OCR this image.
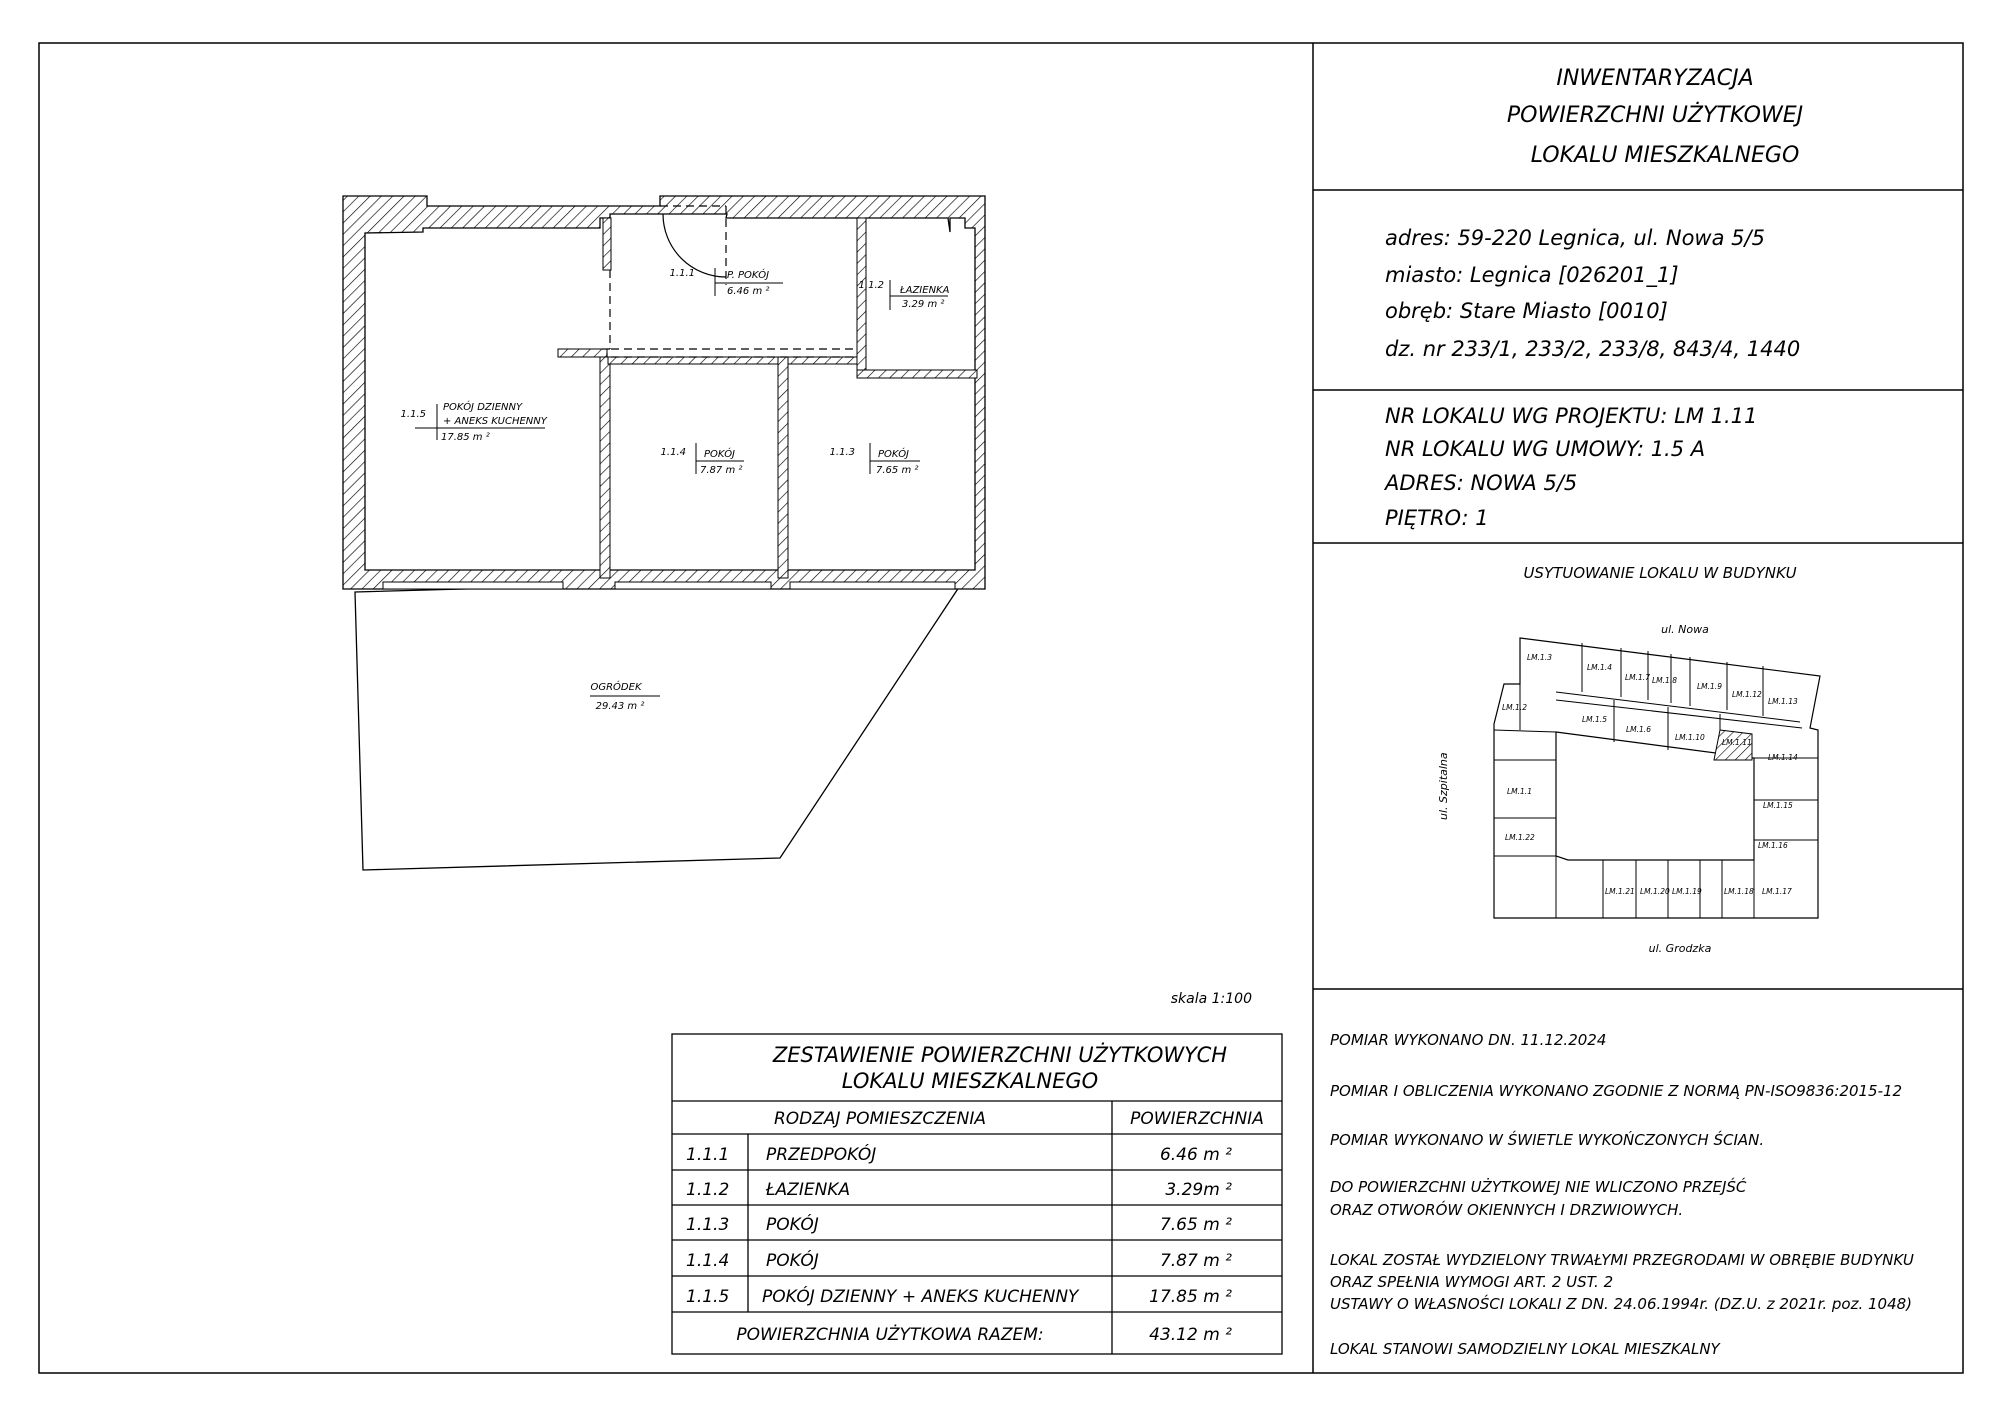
INWENTARYZACJA
POWIERZCHNI UŻYTKOWEJ
LOKALU MIESZKALNEGO
adres: 59-220 Legnica, ul. Nowa 5/5
miasto: Legnica [026201_1]
obręb: Stare Miasto [0010]
dz. nr 233/1, 233/2, 233/8, 843/4, 1440
NR LOKALU WG PROJEKTU: LM 1.11
NR LOKALU WG UMOWY: 1.5 A
ADRES: NOWA 5/5
PIĘTRO: 1
USYTUOWANIE LOKALU W BUDYNKU
ul. Nowa
ul. Grodzka
ul. Szpitalna
LM.1.3
LM.1.4
LM.1.7 LM.1.8
LM.1.9
LM.1.12
LM.1.13
LM.1.2
LM.1.5
LM.1.6
LM.1.10
LM.1.11
LM.1.14
LM.1.1
LM.1.15
LM.1.22
LM.1.16
LM.1.21 LM.1.20 LM.1.19	LM.1.18 LM.1.17
POMIAR WYKONANO DN. 11.12.2024
POMIAR I OBLICZENIA WYKONANO ZGODNIE Z NORMĄ PN-ISO9836:2015-12
POMIAR WYKONANO W ŚWIETLE WYKOŃCZONYCH ŚCIAN.
DO POWIERZCHNI UŻYTKOWEJ NIE WLICZONO PRZEJŚĆ
ORAZ OTWORÓW OKIENNYCH I DRZWIOWYCH.
LOKAL ZOSTAŁ WYDZIELONY TRWAŁYMI PRZEGRODAMI W OBRĘBIE BUDYNKU
ORAZ SPEŁNIA WYMOGI ART. 2 UST. 2
USTAWY O WŁASNOŚCI LOKALI Z DN. 24.06.1994r. (DZ.U. z 2021r. poz. 1048)
LOKAL STANOWI SAMODZIELNY LOKAL MIESZKALNY
skala 1:100
ZESTAWIENIE POWIERZCHNI UŻYTKOWYCH
LOKALU MIESZKALNEGO
RODZAJ POMIESZCZENIA	POWIERZCHNIA
1.1.1 PRZEDPOKÓJ	6.46 m ²
1.1.2 ŁAZIENKA	3.29m ²
1.1.3 POKÓJ	7.65 m ²
1.1.4 POKÓJ	7.87 m ²
1.1.5 POKÓJ DZIENNY + ANEKS KUCHENNY	17.85 m ²
POWIERZCHNIA UŻYTKOWA RAZEM:	43.12 m ²
1.1.1	P. POKÓJ
6.46 m ²
1.1.2 ŁAZIENKA
3.29 m ²
1.1.3 POKÓJ
7.65 m ²
1.1.4 POKÓJ
7.87 m ²
1.1.5
POKÓJ DZIENNY
+ ANEKS KUCHENNY
17.85 m ²
OGRÓDEK
29.43 m ²
